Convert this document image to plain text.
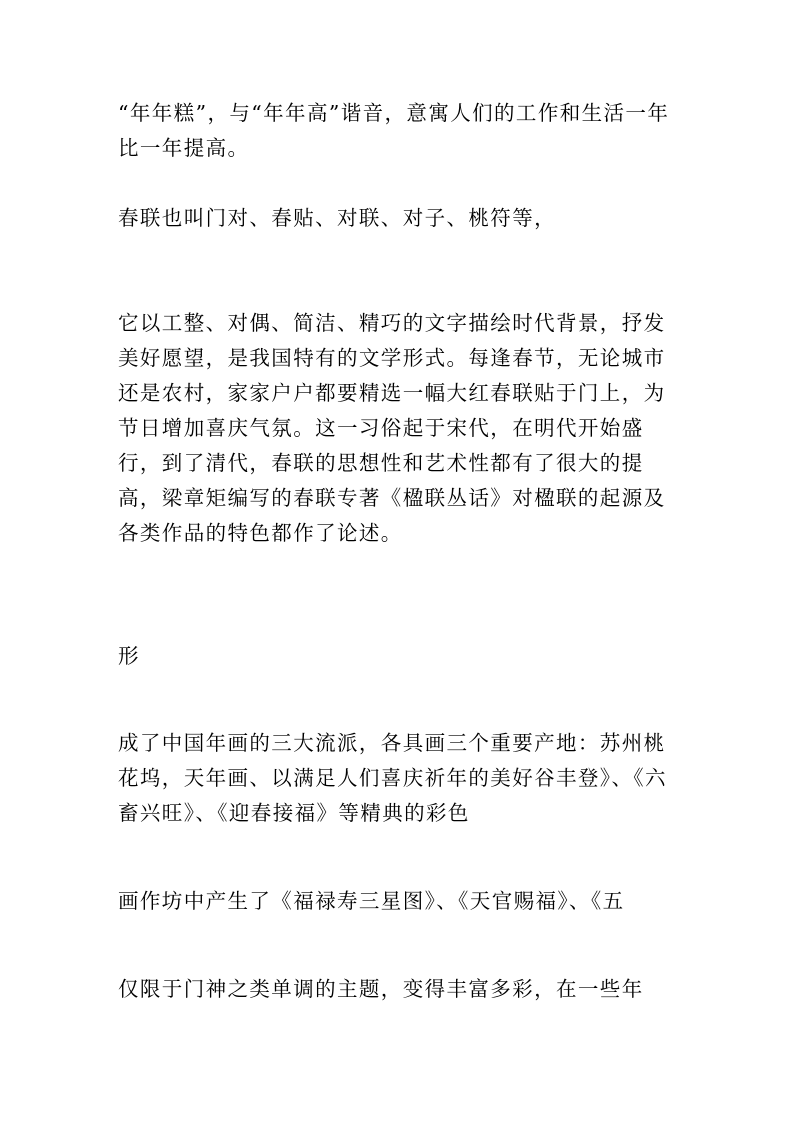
“年年糕”，与“年年高”谐音，意寓人们的工作和生活一年比一年提高。

春联也叫门对、春贴、对联、对子、桃符等，

它以工整、对偶、简洁、精巧的文字描绘时代背景，抒发美好愿望，是我国特有的文学形式。每逢春节，无论城市还是农村，家家户户都要精选一幅大红春联贴于门上，为节日增加喜庆气氛。这一习俗起于宋代，在明代开始盛行，到了清代，春联的思想性和艺术性都有了很大的提高，梁章矩编写的春联专著《楹联丛话》对楹联的起源及各类作品的特色都作了论述。

形

成了中国年画的三大流派，各具画三个重要产地：苏州桃花坞，天年画、以满足人们喜庆祈年的美好谷丰登》、《六畜兴旺》、《迎春接福》等精典的彩色

画作坊中产生了《福禄寿三星图》、《天官赐福》、《五

仅限于门神之类单调的主题，变得丰富多彩，在一些年
